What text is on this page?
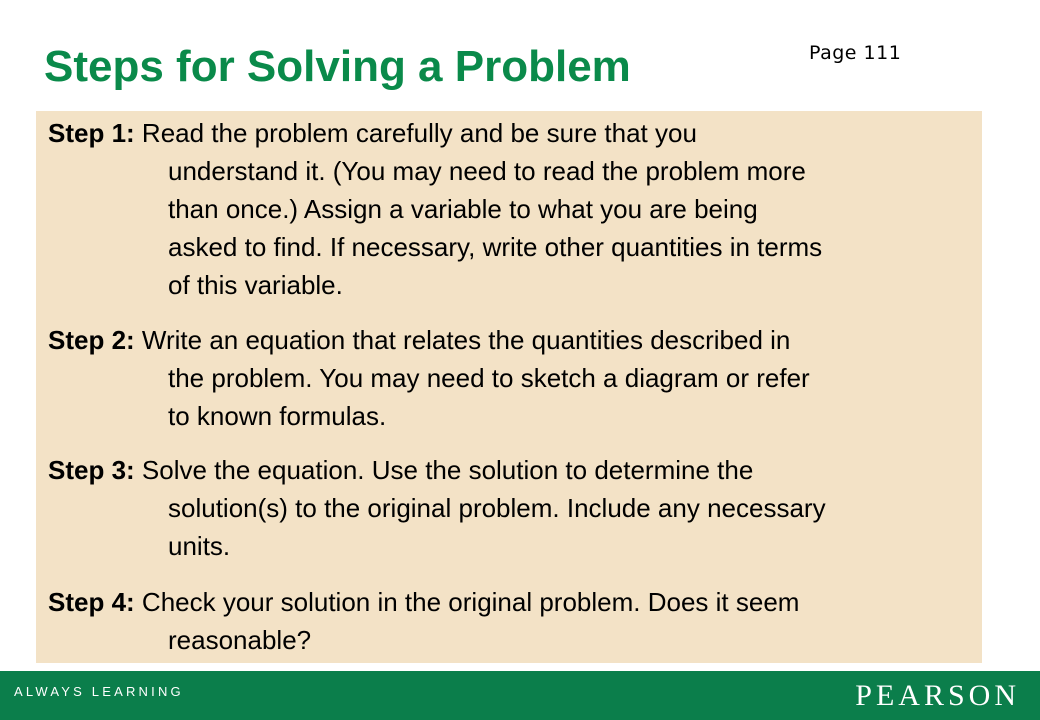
Page 111
Steps for Solving a Problem
Step 1: Read the problem carefully and be sure that you
understand it. (You may need to read the problem more
than once.) Assign a variable to what you are being
asked to find. If necessary, write other quantities in terms
of this variable.
Step 2: Write an equation that relates the quantities described in
the problem. You may need to sketch a diagram or refer
to known formulas.
Step 3: Solve the equation. Use the solution to determine the
solution(s) to the original problem. Include any necessary
units.
Step 4: Check your solution in the original problem. Does it seem
reasonable?
ALWAYS LEARNING	PEARSON
